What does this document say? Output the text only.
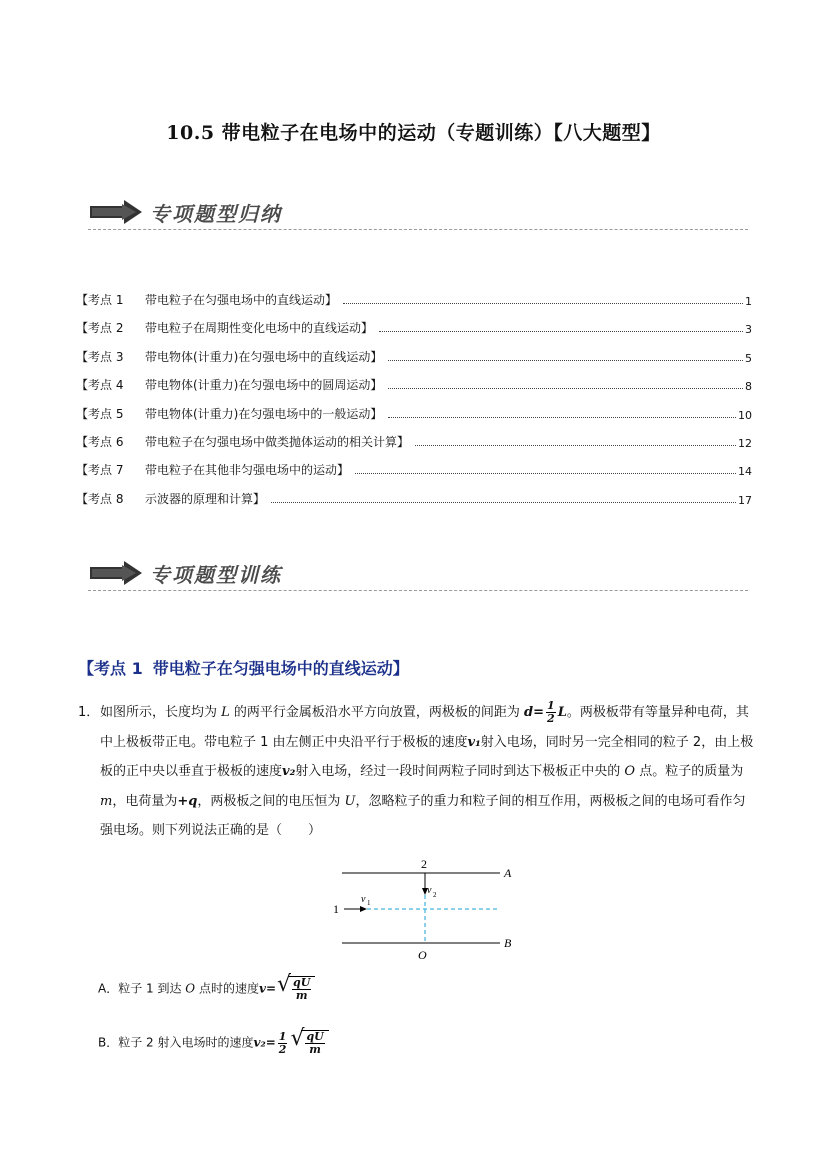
10.5 带电粒子在电场中的运动（专题训练）【八大题型】
专项题型归纳
【考点 1 带电粒子在匀强电场中的直线运动】	1
【考点 2 带电粒子在周期性变化电场中的直线运动】	3
【考点 3 带电物体(计重力)在匀强电场中的直线运动】	5
【考点 4 带电物体(计重力)在匀强电场中的圆周运动】	8
【考点 5 带电物体(计重力)在匀强电场中的一般运动】	10
【考点 6 带电粒子在匀强电场中做类抛体运动的相关计算】	12
【考点 7 带电粒子在其他非匀强电场中的运动】	14
【考点 8 示波器的原理和计算】	17
专项题型训练
【考点 1 带电粒子在匀强电场中的直线运动】
1． 如图所示，长度均为 L 的两平行金属板沿水平方向放置，两极板的间距为 $d= \frac{1}{2}$ L。两极板带有等量异种电荷，其中上极板带正电。带电粒子 1 由左侧正中央沿平行于极板的速度v₁射入电场，同时另一完全相同的粒子 2，由上极板的正中央以垂直于极板的速度v₂射入电场，经过一段时间两粒子同时到达下极板正中央的 O 点。粒子的质量为 m，电荷量为+q，两极板之间的电压恒为 U，忽略粒子的重力和粒子间的相互作用，两极板之间的电场可看作匀强电场。则下列说法正确的是（　　）
2
A
B
1
O
v 1
v 2
A．粒子 1 到达 O 点时的速度v= √ $\frac{qU}{m}$
B．粒子 2 射入电场时的速度$v_2= \frac{1}{2}$ √ $\frac{qU}{m}$
